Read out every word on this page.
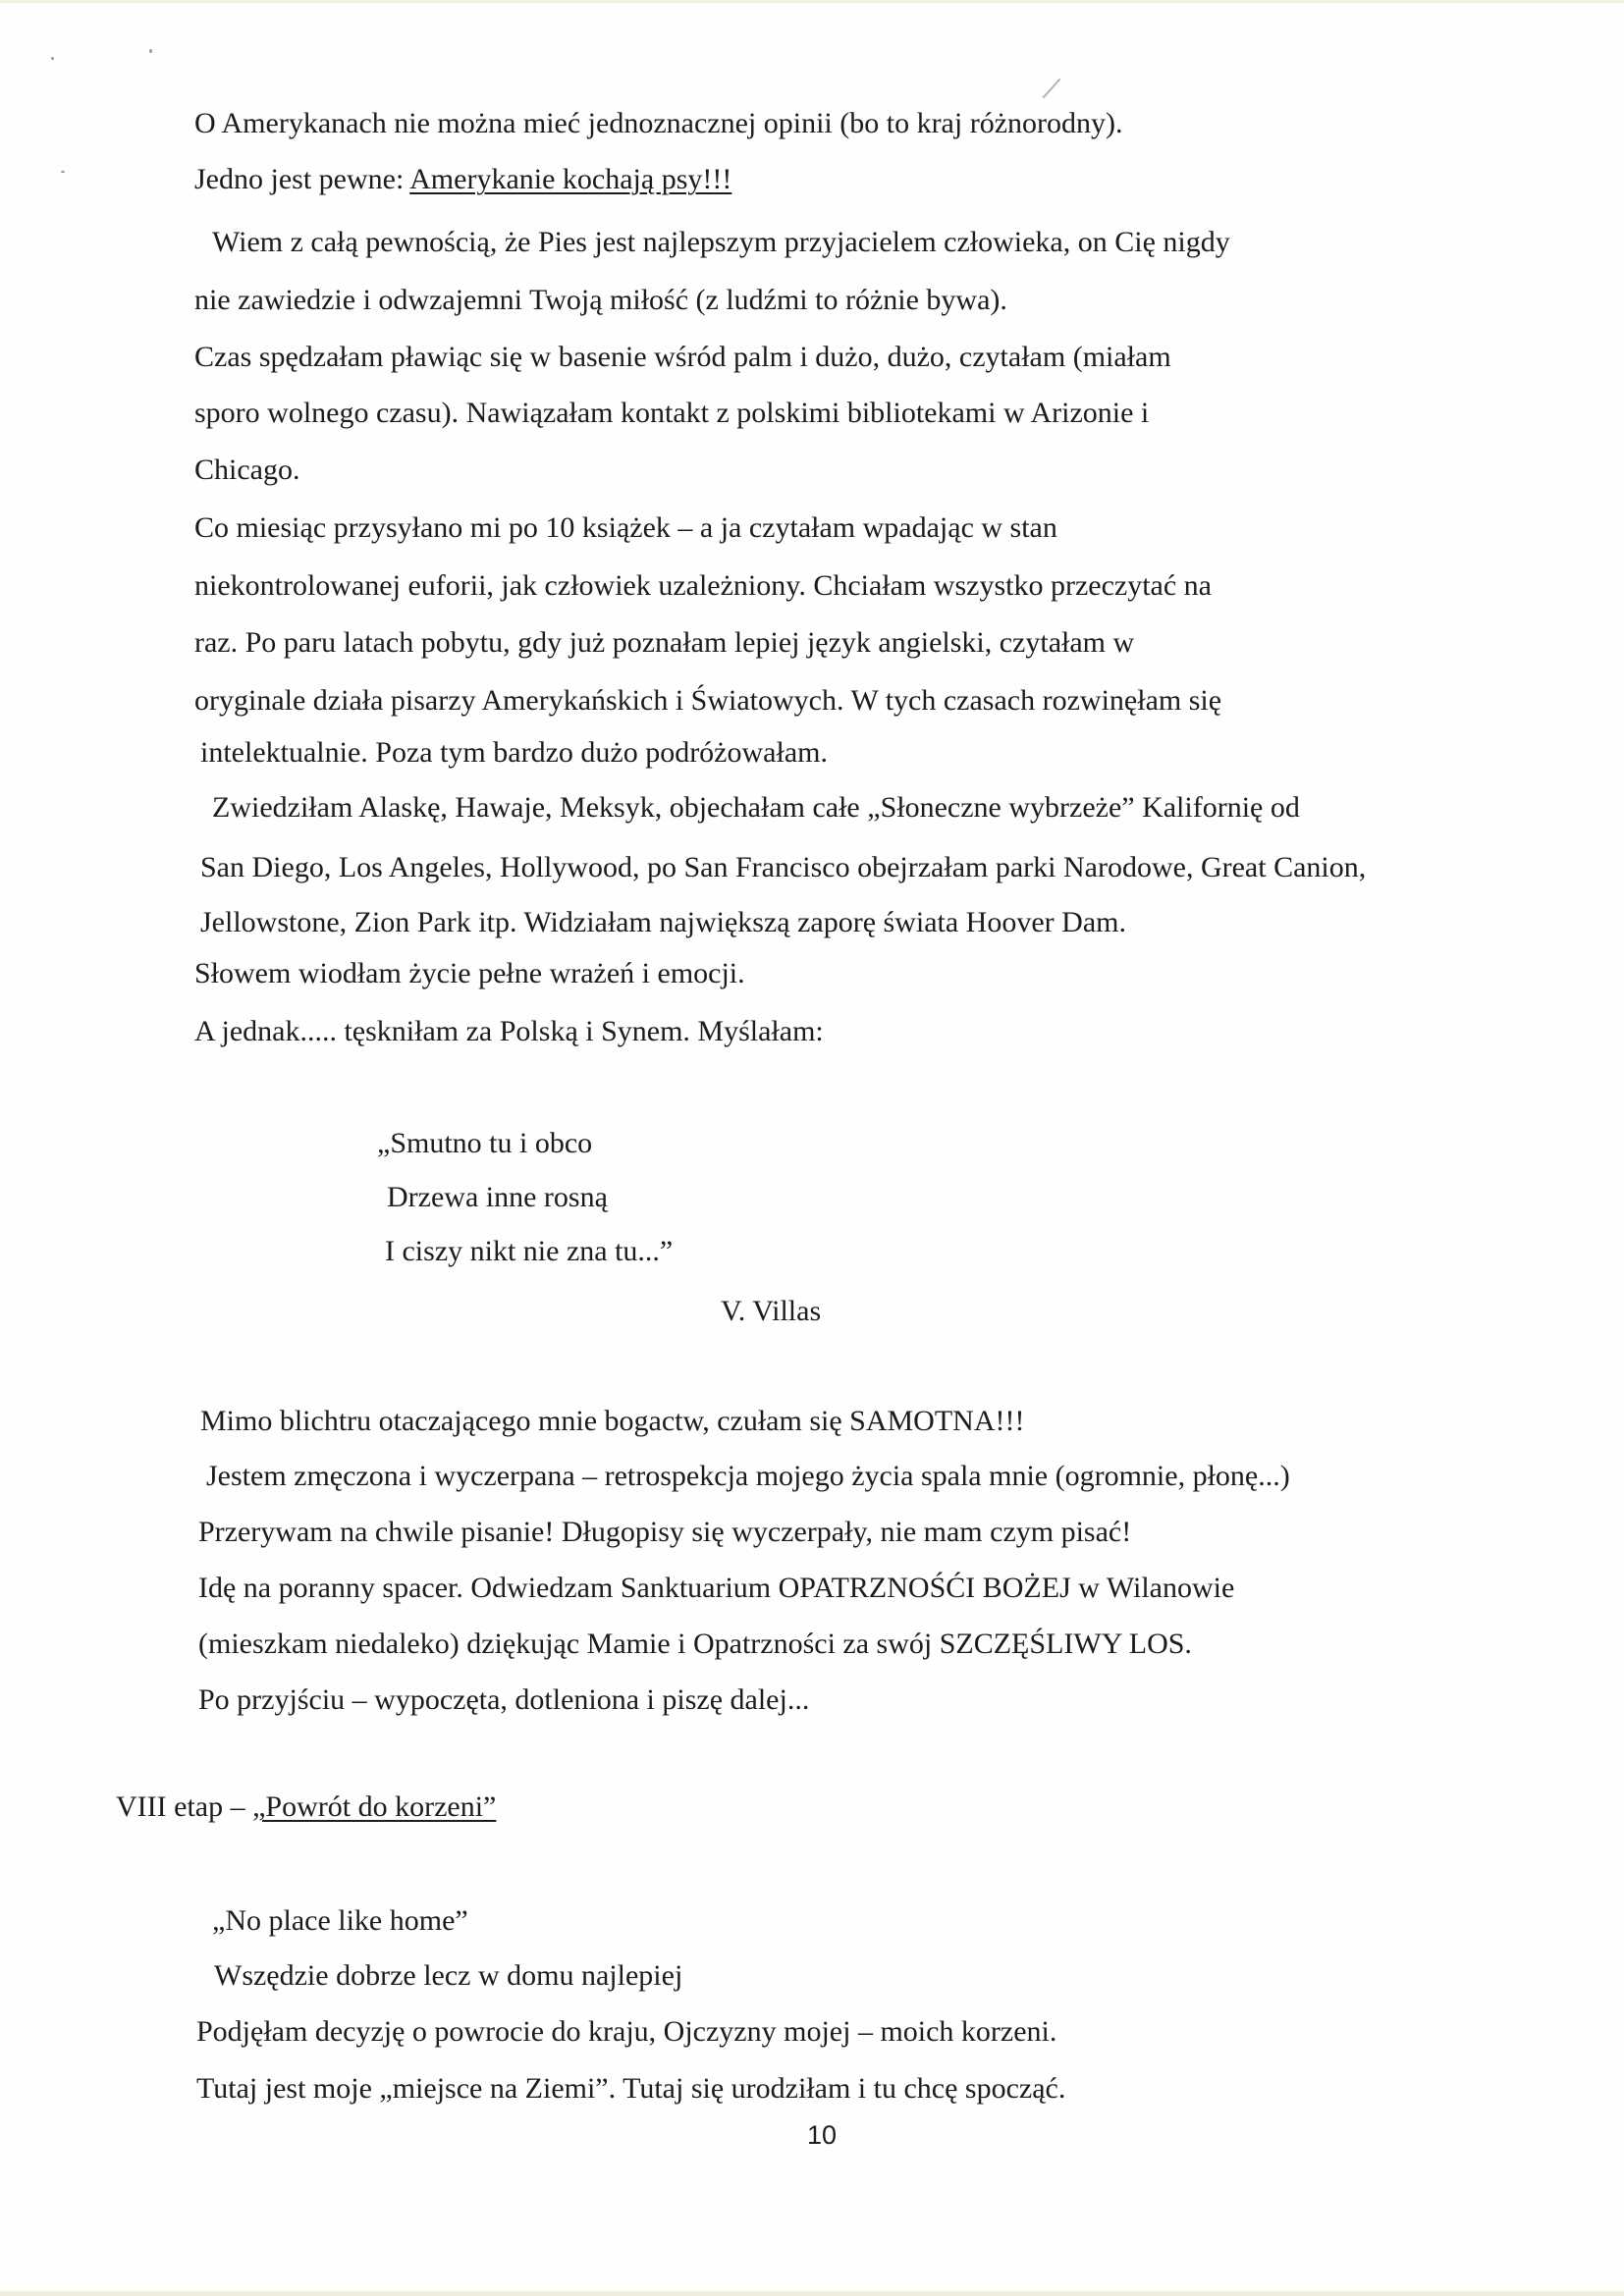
O Amerykanach nie można mieć jednoznacznej opinii (bo to kraj różnorodny).
Jedno jest pewne: Amerykanie kochają psy!!!
Wiem z całą pewnością, że Pies jest najlepszym przyjacielem człowieka, on Cię nigdy
nie zawiedzie i odwzajemni Twoją miłość (z ludźmi to różnie bywa).
Czas spędzałam pławiąc się w basenie wśród palm i dużo, dużo, czytałam (miałam
sporo wolnego czasu). Nawiązałam kontakt z polskimi bibliotekami w Arizonie i
Chicago.
Co miesiąc przysyłano mi po 10 książek – a ja czytałam wpadając w stan
niekontrolowanej euforii, jak człowiek uzależniony. Chciałam wszystko przeczytać na
raz. Po paru latach pobytu, gdy już poznałam lepiej język angielski, czytałam w
oryginale działa pisarzy Amerykańskich i Światowych. W tych czasach rozwinęłam się
intelektualnie. Poza tym bardzo dużo podróżowałam.
Zwiedziłam Alaskę, Hawaje, Meksyk, objechałam całe „Słoneczne wybrzeże” Kalifornię od
San Diego, Los Angeles, Hollywood, po San Francisco obejrzałam parki Narodowe, Great Canion,
Jellowstone, Zion Park itp. Widziałam największą zaporę świata Hoover Dam.
Słowem wiodłam życie pełne wrażeń i emocji.
A jednak..... tęskniłam za Polską i Synem. Myślałam:
„Smutno tu i obco
Drzewa inne rosną
I ciszy nikt nie zna tu...”
V. Villas
Mimo blichtru otaczającego mnie bogactw, czułam się SAMOTNA!!!
Jestem zmęczona i wyczerpana – retrospekcja mojego życia spala mnie (ogromnie, płonę...)
Przerywam na chwile pisanie! Długopisy się wyczerpały, nie mam czym pisać!
Idę na poranny spacer. Odwiedzam Sanktuarium OPATRZNOŚĆI BOŻEJ w Wilanowie
(mieszkam niedaleko) dziękując Mamie i Opatrzności za swój SZCZĘŚLIWY LOS.
Po przyjściu – wypoczęta, dotleniona i piszę dalej...
VIII etap – „Powrót do korzeni”
„No place like home”
Wszędzie dobrze lecz w domu najlepiej
Podjęłam decyzję o powrocie do kraju, Ojczyzny mojej – moich korzeni.
Tutaj jest moje „miejsce na Ziemi”. Tutaj się urodziłam i tu chcę spocząć.
10
